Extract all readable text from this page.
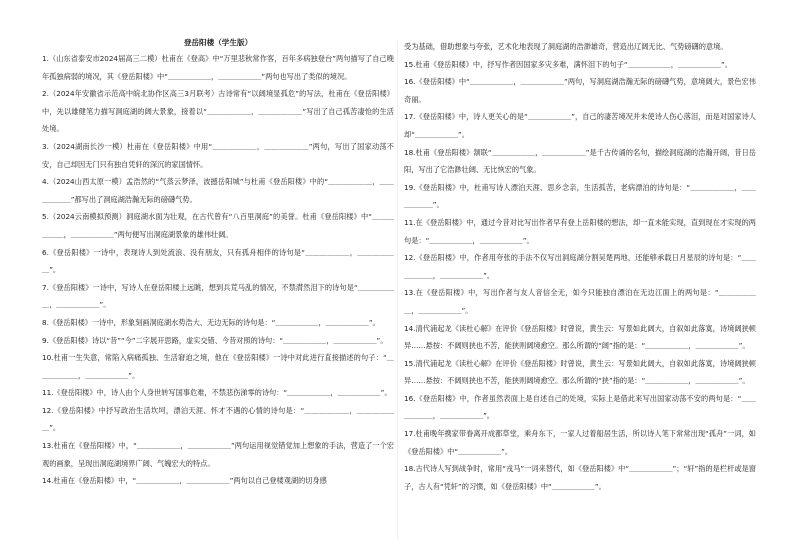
登岳阳楼（学生版）

1.（山东省泰安市2024届高三二模）杜甫在《登高》中“万里悲秋常作客，百年多病独登台”两句描写了自己晚年孤独病弱的境况，其《登岳阳楼》中“＿＿＿＿＿＿，＿＿＿＿＿＿”两句也写出了类似的境况。

2.（2024年安徽省示范高中皖北协作区高三3月联考）古诗常有“以阔境显孤危”的写法，杜甫在《登岳阳楼》中，先以雄健笔力描写洞庭湖的阔大景象，接着以“＿＿＿＿＿＿，＿＿＿＿＿＿”写出了自己孤苦凄怆的生活处境。

3.（2024湖南长沙一模）杜甫在《登岳阳楼》中用“＿＿＿＿＿＿，＿＿＿＿＿＿”两句，写出了国家动荡不安，自己却因无门只有独自凭轩的深沉的家国情怀。

4.（2024山西太原一模）孟浩然的“气蒸云梦泽，波撼岳阳城”与杜甫《登岳阳楼》中的“＿＿＿＿＿＿，＿＿＿＿＿＿”都写出了洞庭湖浩瀚无际的磅礴气势。

5.（2024云南模拟预测）洞庭湖水面为壮观，在古代曾有“八百里洞庭”的美誉。杜甫《登岳阳楼》中“＿＿＿＿＿＿，＿＿＿＿＿＿”两句便写出洞庭湖景象的雄伟壮阔。

6.《登岳阳楼》一诗中，表现诗人到处流浪、没有朋友，只有孤舟相伴的诗句是“＿＿＿＿＿＿，＿＿＿＿＿＿”。

7.《登岳阳楼》一诗中，写诗人在登岳阳楼上远眺，想到兵荒马乱的情况，不禁潸然泪下的诗句是“＿＿＿＿＿＿，＿＿＿＿＿＿”。

8.《登岳阳楼》一诗中，形象刻画洞庭湖水势浩大、无边无际的诗句是：“＿＿＿＿＿＿，＿＿＿＿＿＿”。

9.《登岳阳楼》诗以“昔”“今”二字展开思路，虚实交错、今昔对照的诗句：“＿＿＿＿＿＿，＿＿＿＿＿＿”。

10.杜甫一生失意，常陷入病痛孤独、生活窘迫之境，他在《登岳阳楼》一诗中对此进行直接描述的句子：“＿＿＿＿＿＿，＿＿＿＿＿＿”。

11.《登岳阳楼》中，诗人由个人身世转写国事危难，不禁悲伤涕零的诗句：“＿＿＿＿＿＿，＿＿＿＿＿＿”。

12.《登岳阳楼》中抒写政治生活坎坷，漂泊天涯、怀才不遇的心情的诗句是：“＿＿＿＿＿＿，＿＿＿＿＿＿”。

13.杜甫在《登岳阳楼》中，“＿＿＿＿＿＿，＿＿＿＿＿＿”两句运用视觉错觉加上想象的手法，营造了一个宏观的画象，呈现出洞庭湖境界广阔、气魄宏大的特点。

14.杜甫在《登岳阳楼》中，“＿＿＿＿＿＿，＿＿＿＿＿＿”两句以自己登楼观湖的切身感

受为基础，借助想象与夸张，艺术化地表现了洞庭湖的浩渺雄奇，营造出辽阔无比、气势磅礴的意境。

15.杜甫《登岳阳楼》中，抒写作者因国家多灾多难，满怀泪下的句子“＿＿＿＿＿＿，＿＿＿＿＿＿”。

16.《登岳阳楼》中“＿＿＿＿＿＿，＿＿＿＿＿＿”两句，写洞庭湖浩瀚无际的磅礴气势，意境阔大，景色宏伟奇丽。

17.《登岳阳楼》中，诗人更关心的是“＿＿＿＿＿＿”，自己的凄苦境况并未使诗人伤心落泪，而是对国家诗人却“＿＿＿＿＿＿”。

18.杜甫《登岳阳楼》颔联“＿＿＿＿＿＿，＿＿＿＿＿＿”是千古传诵的名句，描绘洞庭湖的浩瀚开阔，昔日岳阳，写出了它浩渺壮阔、无比恢宏的气象。

19.《登岳阳楼》中，杜甫写诗人漂泊天涯、思乡念亲，生活孤苦，老病漂泊的诗句是：“＿＿＿＿＿＿，＿＿＿＿＿＿”。

11.在《登岳阳楼》中，通过今昔对比写出作者早有登上岳阳楼的想法，却一直未能实现，直到现在才实现的两句是：“＿＿＿＿＿＿，＿＿＿＿＿＿”。

12.《登岳阳楼》中，作者用夸张的手法不仅写出洞庭湖分割吴楚两地，还能够承载日月星辰的诗句是：“＿＿＿＿＿＿，＿＿＿＿＿＿”。

13.在《登岳阳楼》中，写出作者与友人音信全无，如今只能独自漂泊在无边江面上的两句是：“＿＿＿＿＿＿，＿＿＿＿＿＿”。

14.清代浦起龙《读杜心解》在评价《登岳阳楼》时曾说，黄生云：写景如此阔大，自叙如此落寞，诗境阔狭顿异……悬按：不阔则狭也不苦，能狭则阔境愈空。那么所谓的“阔”指的是：“＿＿＿＿＿＿，＿＿＿＿＿＿”。

15.清代浦起龙《读杜心解》在评价《登岳阳楼》时曾说，黄生云：写景如此阔大，自叙如此落寞，诗境阔狭顿异……悬按：不阔则狭也不苦，能狭则阔境愈空。那么所谓的“狭”指的是：“＿＿＿＿＿＿，＿＿＿＿＿＿”。

16.《登岳阳楼》中，作者虽然表面上是自述自己的处境，实际上是借此来写出国家动荡不安的两句是：“＿＿＿＿＿＿，＿＿＿＿＿＿”。

17.杜甫晚年携家带眷离开成都草堂，乘舟东下，一家人过着船居生活，所以诗人笔下常常出现“孤舟”一词，如《登岳阳楼》中“＿＿＿＿＿＿”。

18.古代诗人写到战争时，常用“戎马”一词来替代，如《登岳阳楼》中“＿＿＿＿＿＿”；“轩”指的是栏杆或是窗子，古人有“凭轩”的习惯，如《登岳阳楼》中“＿＿＿＿＿＿”。
